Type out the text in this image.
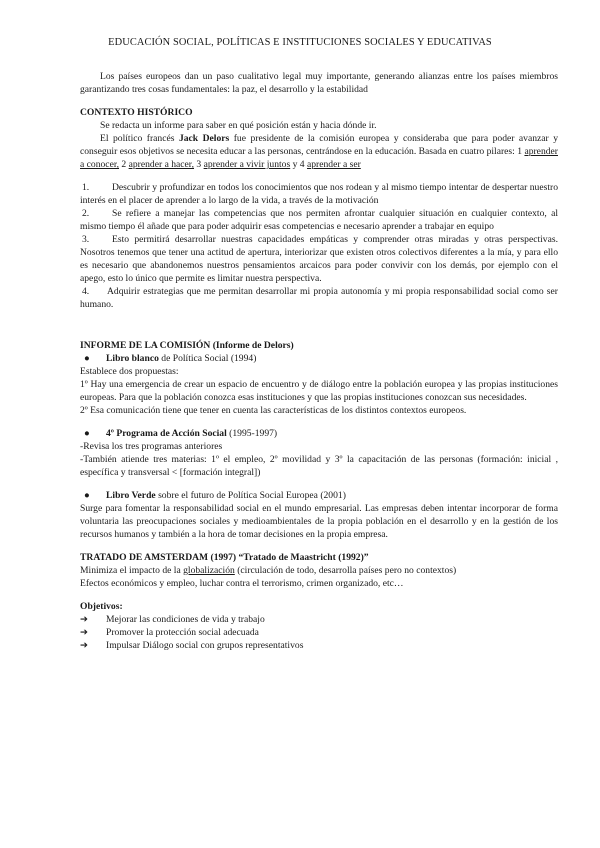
EDUCACIÓN SOCIAL, POLÍTICAS E INSTITUCIONES SOCIALES Y EDUCATIVAS

Los países europeos dan un paso cualitativo legal muy importante, generando alianzas entre los países miembros garantizando tres cosas fundamentales: la paz, el desarrollo y la estabilidad

CONTEXTO HISTÓRICO

Se redacta un informe para saber en qué posición están y hacia dónde ir.

El político francés Jack Delors fue presidente de la comisión europea y consideraba que para poder avanzar y conseguir esos objetivos se necesita educar a las personas, centrándose en la educación. Basada en cuatro pilares: 1 aprender a conocer, 2 aprender a hacer, 3 aprender a vivir juntos y 4 aprender a ser

1. Descubrir y profundizar en todos los conocimientos que nos rodean y al mismo tiempo intentar de despertar nuestro interés en el placer de aprender a lo largo de la vida, a través de la motivación

2. Se refiere a manejar las competencias que nos permiten afrontar cualquier situación en cualquier contexto, al mismo tiempo él añade que para poder adquirir esas competencias e necesario aprender a trabajar en equipo

3. Esto permitirá desarrollar nuestras capacidades empáticas y comprender otras miradas y otras perspectivas. Nosotros tenemos que tener una actitud de apertura, interiorizar que existen otros colectivos diferentes a la mía, y para ello es necesario que abandonemos nuestros pensamientos arcaicos para poder convivir con los demás, por ejemplo con el apego, esto lo único que permite es limitar nuestra perspectiva.

4. Adquirir estrategias que me permitan desarrollar mi propia autonomía y mi propia responsabilidad social como ser humano.

INFORME DE LA COMISIÓN (Informe de Delors)

●	Libro blanco de Política Social (1994)

Establece dos propuestas:

1º Hay una emergencia de crear un espacio de encuentro y de diálogo entre la población europea y las propias instituciones europeas. Para que la población conozca esas instituciones y que las propias instituciones conozcan sus necesidades.

2º Esa comunicación tiene que tener en cuenta las características de los distintos contextos europeos.

●	4º Programa de Acción Social (1995-1997)

-Revisa los tres programas anteriores

-También atiende tres materias: 1º el empleo, 2º movilidad y 3º la capacitación de las personas (formación: inicial , específica y transversal < [formación integral])

●	Libro Verde sobre el futuro de Política Social Europea (2001)

Surge para fomentar la responsabilidad social en el mundo empresarial. Las empresas deben intentar incorporar de forma voluntaria las preocupaciones sociales y medioambientales de la propia población en el desarrollo y en la gestión de los recursos humanos y también a la hora de tomar decisiones en la propia empresa.

TRATADO DE AMSTERDAM (1997) “Tratado de Maastricht (1992)”

Minimiza el impacto de la globalización (circulación de todo, desarrolla países pero no contextos)

Efectos económicos y empleo, luchar contra el terrorismo, crimen organizado, etc…

Objetivos:

➔	Mejorar las condiciones de vida y trabajo
➔	Promover la protección social adecuada
➔	Impulsar Diálogo social con grupos representativos
